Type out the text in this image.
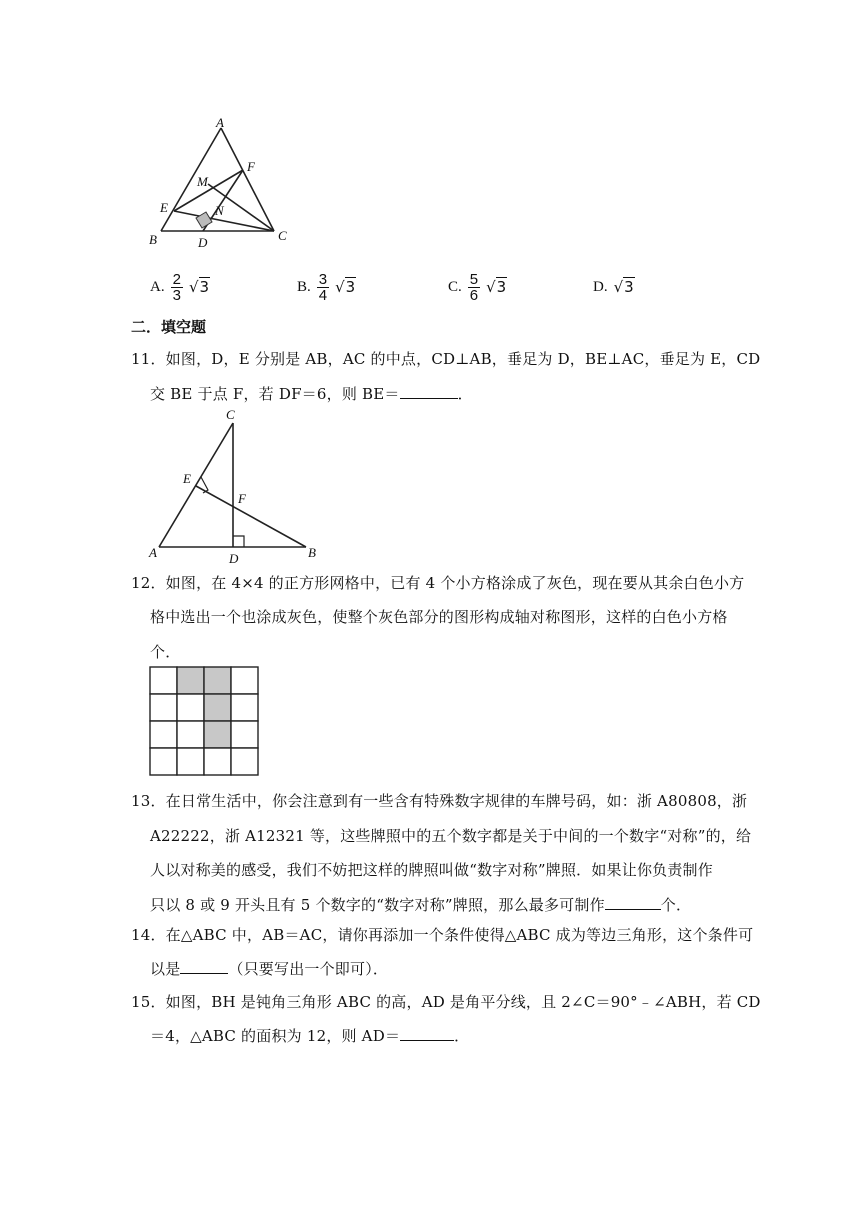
A
B	C
D
E
F
M
N
A. $\frac{2}{3} √3$	B. $\frac{3}{4} √3$	C. $\frac{5}{6} √3$	D. √3
二．填空题
11．如图，D，E 分别是 AB，AC 的中点，CD⊥AB，垂足为 D，BE⊥AC，垂足为 E，CD
交 BE 于点 F，若 DF＝6，则 BE＝	．
C
A	B
D
E
F
12．如图，在 4×4 的正方形网格中，已有 4 个小方格涂成了灰色，现在要从其余白色小方
格中选出一个也涂成灰色，使整个灰色部分的图形构成轴对称图形，这样的白色小方格
个．
13．在日常生活中，你会注意到有一些含有特殊数字规律的车牌号码，如：浙 A80808，浙
A22222，浙 A12321 等，这些牌照中的五个数字都是关于中间的一个数字“对称”的，给
人以对称美的感受，我们不妨把这样的牌照叫做“数字对称”牌照．如果让你负责制作
只以 8 或 9 开头且有 5 个数字的“数字对称”牌照，那么最多可制作	个．
14．在△ABC 中，AB＝AC，请你再添加一个条件使得△ABC 成为等边三角形，这个条件可
以是	（只要写出一个即可）．
15．如图，BH 是钝角三角形 ABC 的高，AD 是角平分线，且 2∠C＝90°﹣∠ABH，若 CD
＝4，△ABC 的面积为 12，则 AD＝	．
